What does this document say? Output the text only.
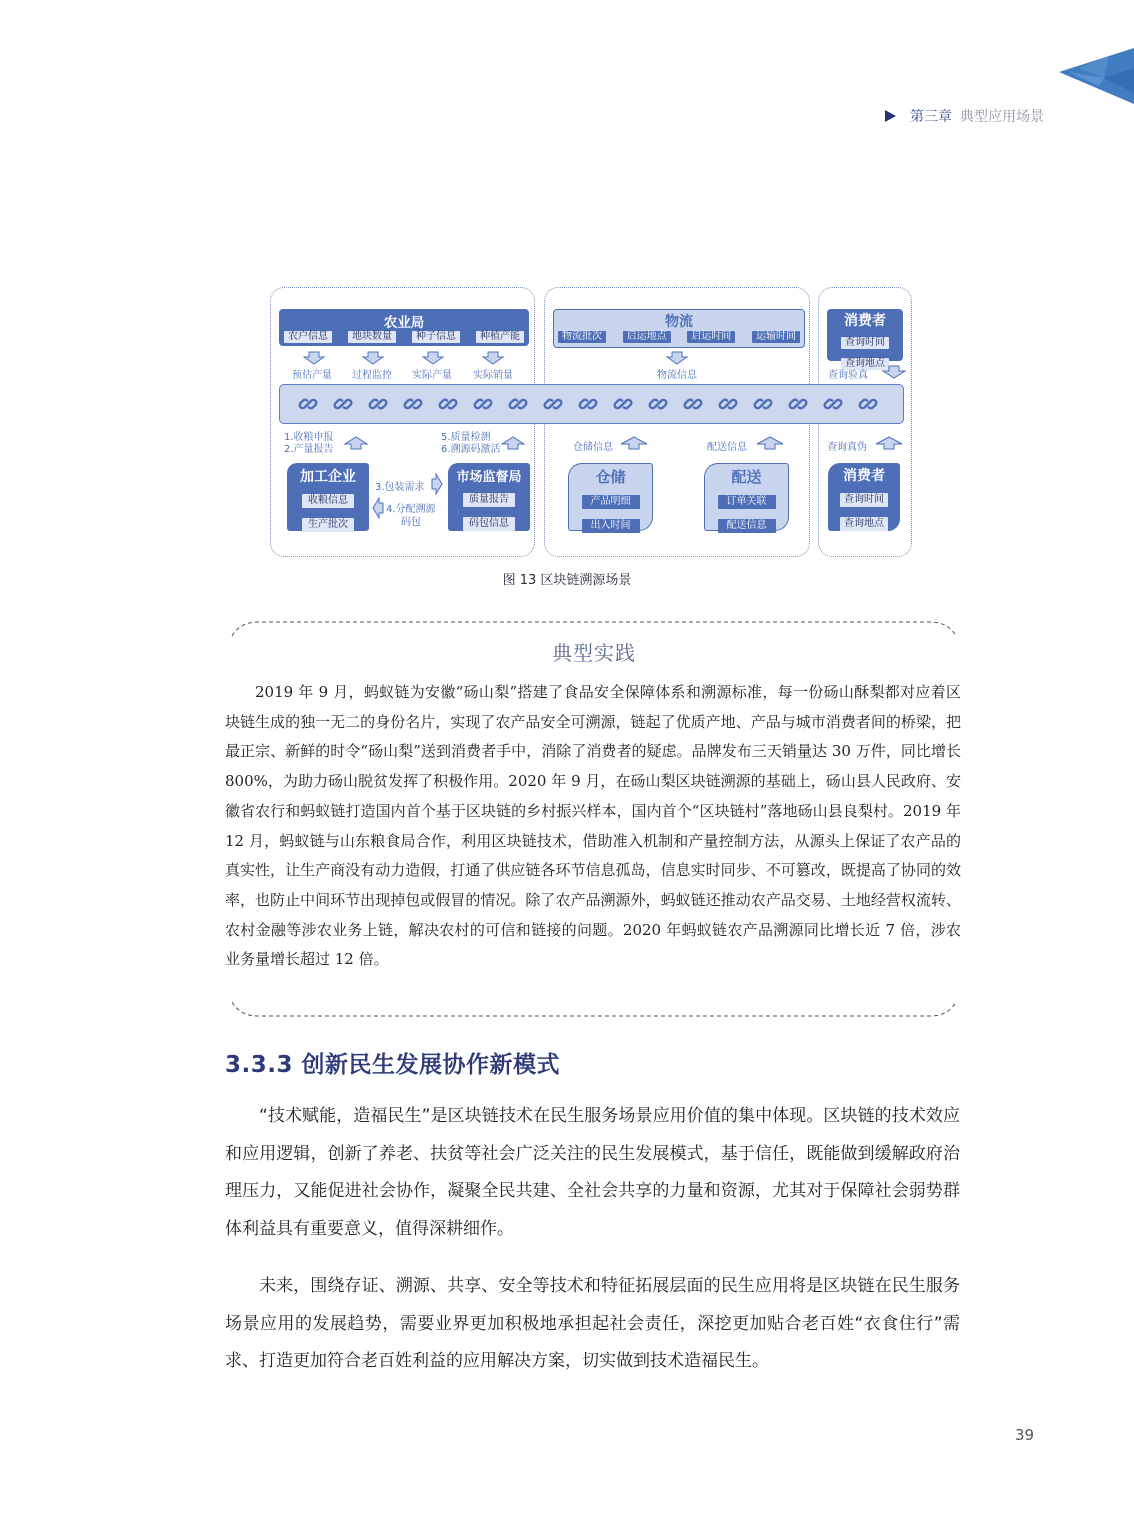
第三章 典型应用场景
农业局
农户信息	地块数量	种子信息	种植产能
预估产量 过程监控 实际产量 实际销量
物流
物流批次	启运地点	启运时间	运输时间
物流信息
消费者
查询时间
查询地点
查询验真
1.收粮申报
2.产量报告
5.质量检测
6.溯源码激活
加工企业
收粮信息
生产批次
3.包装需求
4.分配溯源
码包
市场监督局
质量报告
码包信息
仓储信息	配送信息
仓储
产品明细
出入时间
配送
订单关联
配送信息
查询真伪
消费者
查询时间
查询地点
图 13 区块链溯源场景
典型实践
2019 年 9 月，蚂蚁链为安徽“砀山梨”搭建了食品安全保障体系和溯源标准，每一份砀山酥梨都对应着区块链生成的独一无二的身份名片，实现了农产品安全可溯源，链起了优质产地、产品与城市消费者间的桥梁，把最正宗、新鲜的时令“砀山梨”送到消费者手中，消除了消费者的疑虑。品牌发布三天销量达 30 万件，同比增长 800%，为助力砀山脱贫发挥了积极作用。2020 年 9 月，在砀山梨区块链溯源的基础上，砀山县人民政府、安徽省农行和蚂蚁链打造国内首个基于区块链的乡村振兴样本，国内首个“区块链村”落地砀山县良梨村。2019 年 12 月，蚂蚁链与山东粮食局合作，利用区块链技术，借助准入机制和产量控制方法，从源头上保证了农产品的真实性，让生产商没有动力造假，打通了供应链各环节信息孤岛，信息实时同步、不可篡改，既提高了协同的效率，也防止中间环节出现掉包或假冒的情况。除了农产品溯源外，蚂蚁链还推动农产品交易、土地经营权流转、农村金融等涉农业务上链，解决农村的可信和链接的问题。2020 年蚂蚁链农产品溯源同比增长近 7 倍，涉农业务量增长超过 12 倍。
3.3.3 创新民生发展协作新模式
“技术赋能，造福民生”是区块链技术在民生服务场景应用价值的集中体现。区块链的技术效应和应用逻辑，创新了养老、扶贫等社会广泛关注的民生发展模式，基于信任，既能做到缓解政府治理压力，又能促进社会协作，凝聚全民共建、全社会共享的力量和资源，尤其对于保障社会弱势群体利益具有重要意义，值得深耕细作。
未来，围绕存证、溯源、共享、安全等技术和特征拓展层面的民生应用将是区块链在民生服务场景应用的发展趋势，需要业界更加积极地承担起社会责任，深挖更加贴合老百姓“衣食住行”需求、打造更加符合老百姓利益的应用解决方案，切实做到技术造福民生。
39
